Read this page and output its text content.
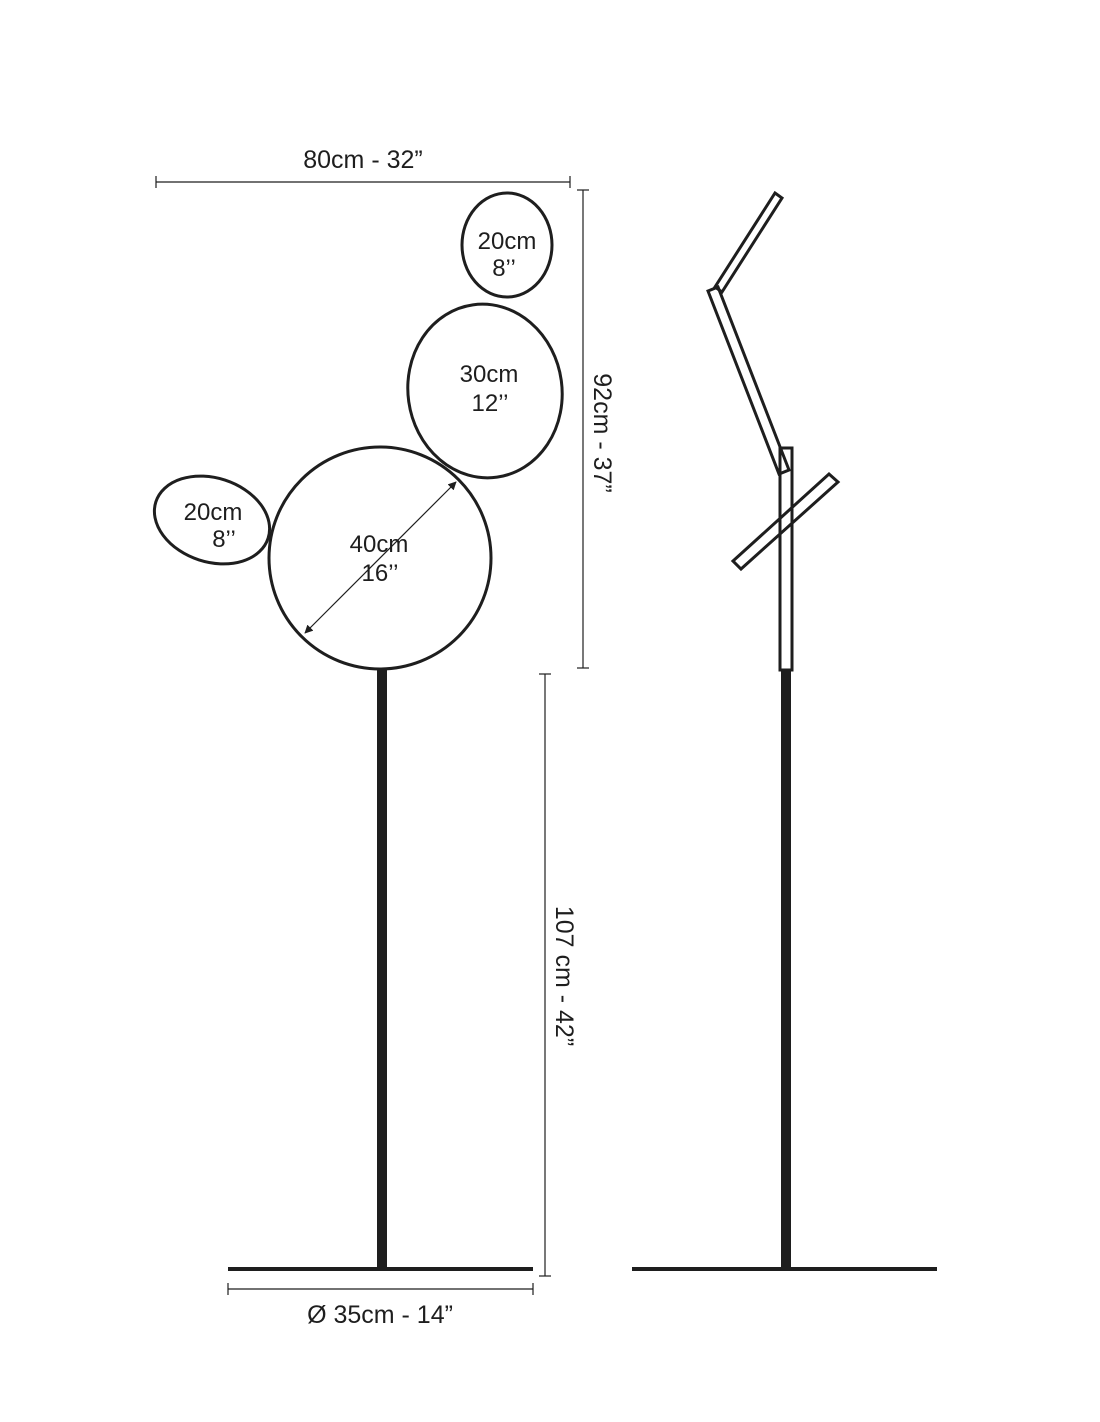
80cm - 32”
92cm - 37”
107 cm - 42”
20cm
8’’
30cm
12’’
40cm
16’’
20cm
8’’
Ø 35cm - 14”
